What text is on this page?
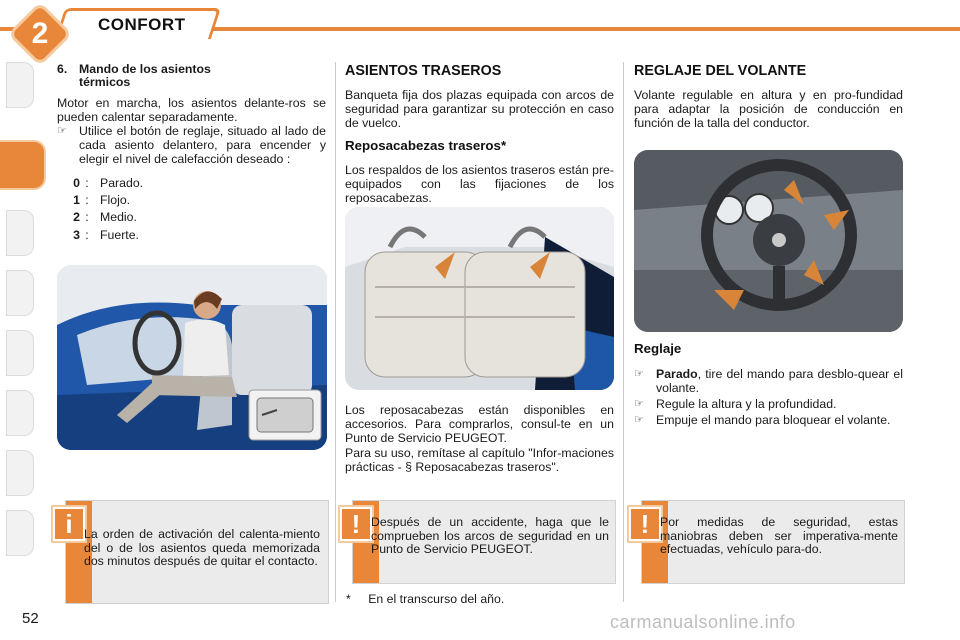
2	CONFORT
6. Mando de los asientos
térmicos

Motor en marcha, los asientos delante-ros se pueden calentar separadamente.

☞ Utilice el botón de reglaje, situado al lado de cada asiento delantero, para encender y elegir el nivel de calefacción deseado :
0 : Parado.
1 : Flojo.
2 : Medio.
3 : Fuerte.
i La orden de activación del calenta-miento del o de los asientos queda memorizada dos minutos después de quitar el contacto.
ASIENTOS TRASEROS

Banqueta fija dos plazas equipada con arcos de seguridad para garantizar su protección en caso de vuelco.

Reposacabezas traseros*

Los respaldos de los asientos traseros están pre-equipados con las fijaciones de los reposacabezas.

Los reposacabezas están disponibles en accesorios. Para comprarlos, consul-te en un Punto de Servicio PEUGEOT.

Para su uso, remítase al capítulo "Infor-maciones prácticas - § Reposacabezas traseros".

! Después de un accidente, haga que le comprueben los arcos de seguridad en un Punto de Servicio PEUGEOT.
* En el transcurso del año.
REGLAJE DEL VOLANTE

Volante regulable en altura y en pro-fundidad para adaptar la posición de conducción en función de la talla del conductor.

Reglaje
☞ Parado, tire del mando para desblo-quear el volante.
☞ Regule la altura y la profundidad.
☞ Empuje el mando para bloquear el volante.
! Por medidas de seguridad, estas maniobras deben ser imperativa-mente efectuadas, vehículo para-do.
52	carmanualsonline.info
